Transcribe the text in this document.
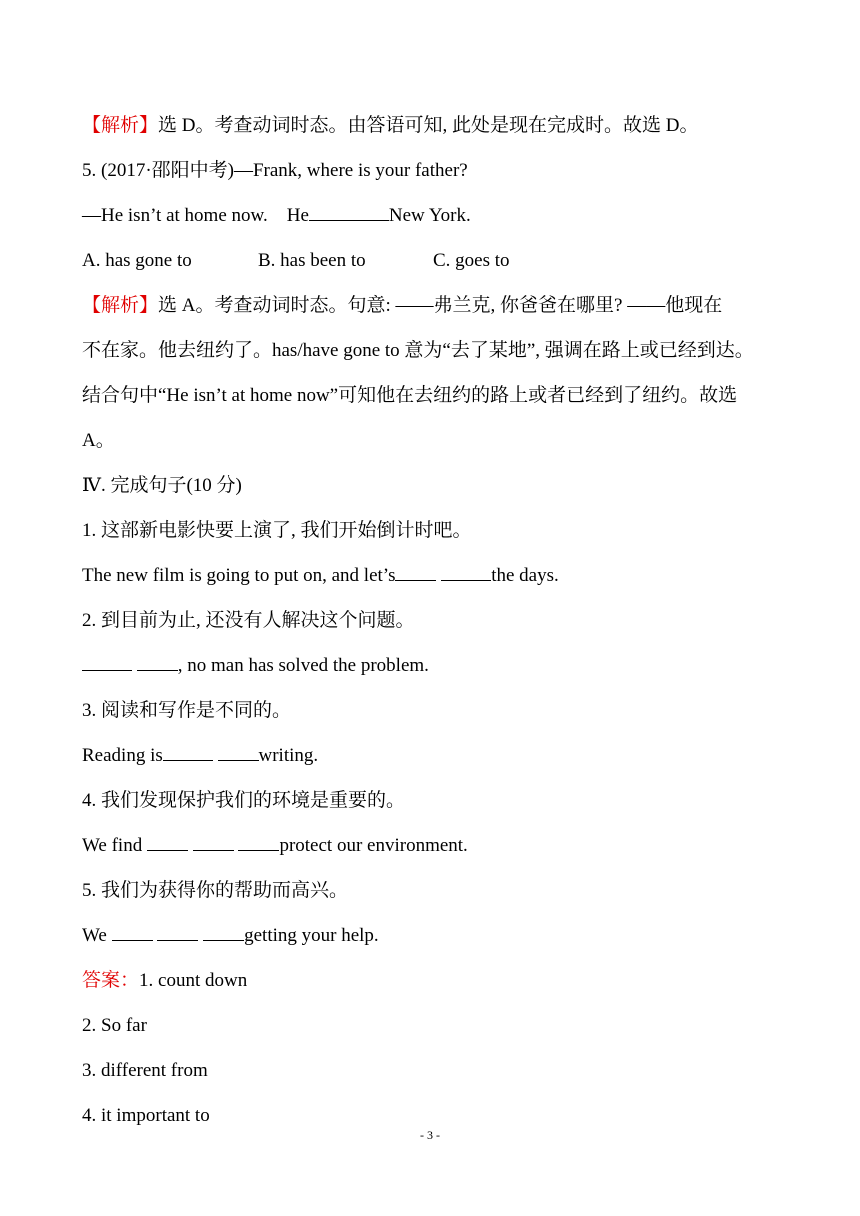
【解析】选 D。考查动词时态。由答语可知, 此处是现在完成时。故选 D。
5. (2017·邵阳中考)—Frank, where is your father?
—He isn’t at home now.    He	New York.
A. has gone to	B. has been to	C. goes to
【解析】选 A。考查动词时态。句意: ——弗兰克, 你爸爸在哪里? ——他现在
不在家。他去纽约了。has/have gone to 意为“去了某地”, 强调在路上或已经到达。
结合句中“He isn’t at home now”可知他在去纽约的路上或者已经到了纽约。故选
A。
Ⅳ. 完成句子(10 分)
1. 这部新电影快要上演了, 我们开始倒计时吧。
The new film is going to put on, and let’s	the days.
2. 到目前为止, 还没有人解决这个问题。
, no man has solved the problem.
3. 阅读和写作是不同的。
Reading is	writing.
4. 我们发现保护我们的环境是重要的。
We find	protect our environment.
5. 我们为获得你的帮助而高兴。
We	getting your help.
答案：1. count down
2. So far
3. different from
4. it important to
- 3 -
